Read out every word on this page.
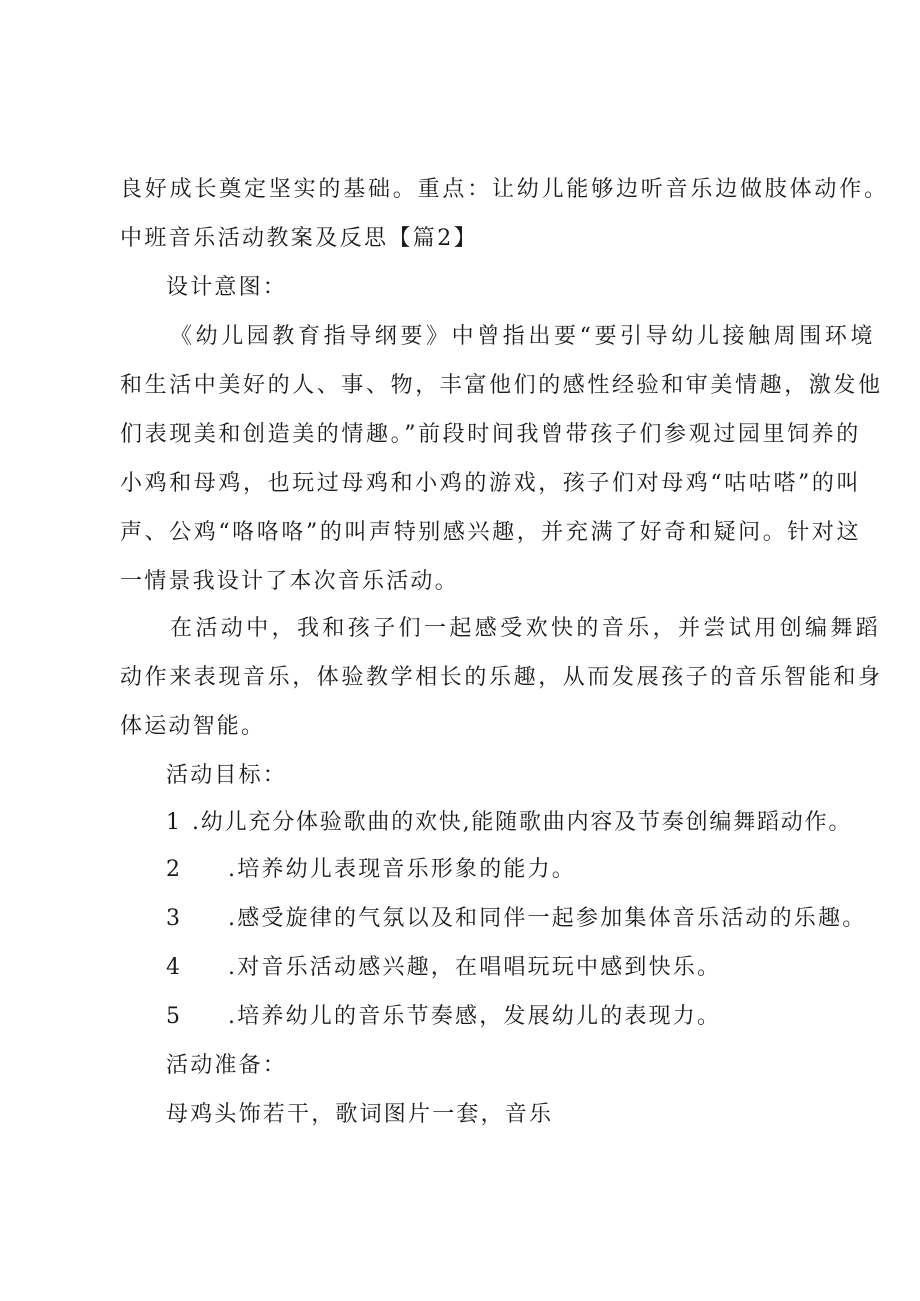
良好成长奠定坚实的基础。重点：让幼儿能够边听音乐边做肢体动作。
中班音乐活动教案及反思【篇2】
设计意图：
《幼儿园教育指导纲要》中曾指出要“要引导幼儿接触周围环境
和生活中美好的人、事、物，丰富他们的感性经验和审美情趣，激发他
们表现美和创造美的情趣。”前段时间我曾带孩子们参观过园里饲养的
小鸡和母鸡，也玩过母鸡和小鸡的游戏，孩子们对母鸡“咕咕嗒”的叫
声、公鸡“咯咯咯”的叫声特别感兴趣，并充满了好奇和疑问。针对这
一情景我设计了本次音乐活动。
在活动中，我和孩子们一起感受欢快的音乐，并尝试用创编舞蹈
动作来表现音乐，体验教学相长的乐趣，从而发展孩子的音乐智能和身
体运动智能。
活动目标：
1 .幼儿充分体验歌曲的欢快,能随歌曲内容及节奏创编舞蹈动作。
2 .培养幼儿表现音乐形象的能力。
3 .感受旋律的气氛以及和同伴一起参加集体音乐活动的乐趣。
4 .对音乐活动感兴趣，在唱唱玩玩中感到快乐。
5 .培养幼儿的音乐节奏感，发展幼儿的表现力。
活动准备：
母鸡头饰若干，歌词图片一套，音乐
